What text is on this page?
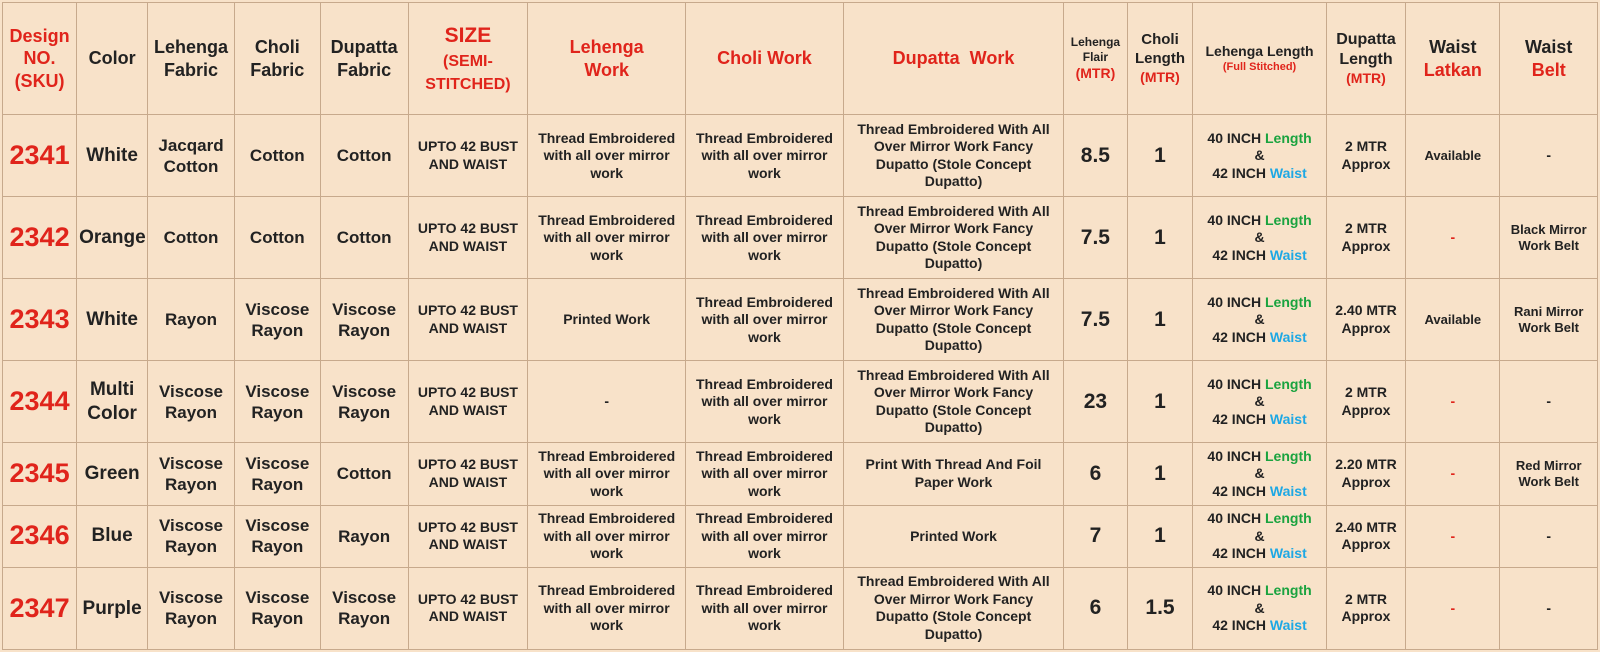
Design
NO.
(SKU)	Color	Lehenga
Fabric	Choli
Fabric	Dupatta
Fabric	SIZE
(SEMI-
STITCHED)	Lehenga
Work	Choli Work	Dupatta  Work	Lehenga
Flair
(MTR)	Choli
Length
(MTR)	Lehenga Length
(Full Stitched)	Dupatta
Length
(MTR)	Waist
Latkan	Waist
Belt
2341	White	Jacqard Cotton	Cotton	Cotton	UPTO 42 BUST AND WAIST	Thread Embroidered with all over mirror work	Thread Embroidered with all over mirror work	Thread Embroidered With All Over Mirror Work Fancy Dupatto (Stole Concept Dupatto)	8.5	1	40 INCH Length
&
42 INCH Waist	2 MTR Approx	Available	-
2342	Orange	Cotton	Cotton	Cotton	UPTO 42 BUST AND WAIST	Thread Embroidered with all over mirror work	Thread Embroidered with all over mirror work	Thread Embroidered With All Over Mirror Work Fancy Dupatto (Stole Concept Dupatto)	7.5	1	40 INCH Length
&
42 INCH Waist	2 MTR Approx	-	Black Mirror Work Belt
2343	White	Rayon	Viscose Rayon	Viscose Rayon	UPTO 42 BUST AND WAIST	Printed Work	Thread Embroidered with all over mirror work	Thread Embroidered With All Over Mirror Work Fancy Dupatto (Stole Concept Dupatto)	7.5	1	40 INCH Length
&
42 INCH Waist	2.40 MTR Approx	Available	Rani Mirror Work Belt
2344	Multi Color	Viscose Rayon	Viscose Rayon	Viscose Rayon	UPTO 42 BUST AND WAIST	-	Thread Embroidered with all over mirror work	Thread Embroidered With All Over Mirror Work Fancy Dupatto (Stole Concept Dupatto)	23	1	40 INCH Length
&
42 INCH Waist	2 MTR Approx	-	-
2345	Green	Viscose Rayon	Viscose Rayon	Cotton	UPTO 42 BUST AND WAIST	Thread Embroidered with all over mirror work	Thread Embroidered with all over mirror work	Print With Thread And Foil Paper Work	6	1	40 INCH Length
&
42 INCH Waist	2.20 MTR Approx	-	Red Mirror Work Belt
2346	Blue	Viscose Rayon	Viscose Rayon	Rayon	UPTO 42 BUST AND WAIST	Thread Embroidered with all over mirror work	Thread Embroidered with all over mirror work	Printed Work	7	1	40 INCH Length
&
42 INCH Waist	2.40 MTR Approx	-	-
2347	Purple	Viscose Rayon	Viscose Rayon	Viscose Rayon	UPTO 42 BUST AND WAIST	Thread Embroidered with all over mirror work	Thread Embroidered with all over mirror work	Thread Embroidered With All Over Mirror Work Fancy Dupatto (Stole Concept Dupatto)	6	1.5	40 INCH Length
&
42 INCH Waist	2 MTR Approx	-	-
